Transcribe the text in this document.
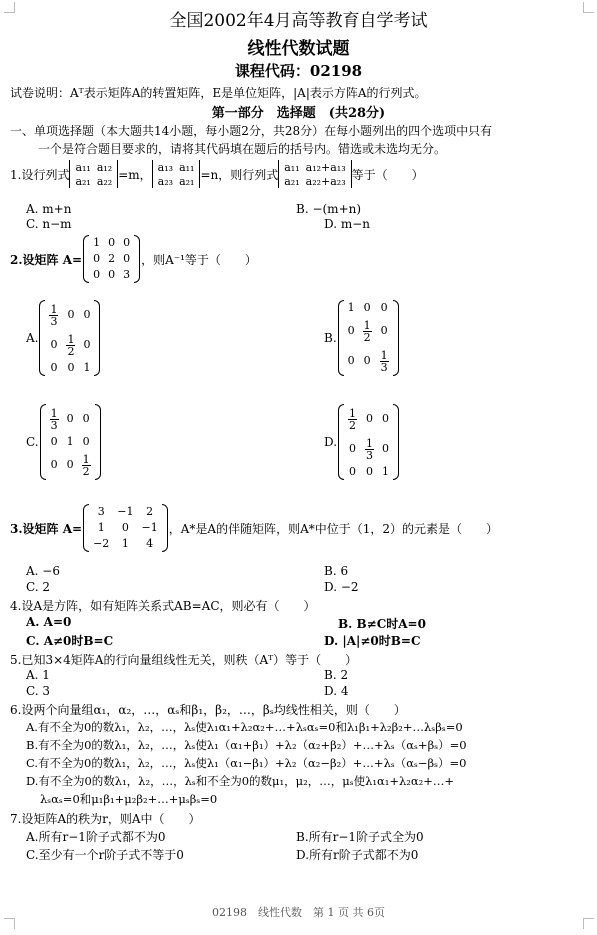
全国2002年4月高等教育自学考试
线性代数试题
课程代码：02198
试卷说明：Aᵀ表示矩阵A的转置矩阵，E是单位矩阵，|A|表示方阵A的行列式。
第一部分　选择题　(共28分)
一、单项选择题（本大题共14小题，每小题2分，共28分）在每小题列出的四个选项中只有
一个是符合题目要求的，请将其代码填在题后的括号内。错选或未选均无分。
1.设行列式
a₁₁	a₁₂
a₂₁	a₂₂ =m，
a₁₃	a₁₁
a₂₃	a₂₁ =n，则行列式
a₁₁	a₁₂+a₁₃
a₂₁	a₂₂+a₂₃ 等于（　　）
A. m+n	B. −(m+n)
C. n−m	D. m−n
2.设矩阵 A=
1	0	0
0	2	0
0	0	3
，则A⁻¹等于（　　）
A.
$\frac{1}{3}$	0	0
0	$\frac{1}{2}$	0
0	0	1
B.
1	0	0
0	$\frac{1}{2}$	0
0	0	$\frac{1}{3}$
C.
$\frac{1}{3}$	0	0
0	1	0
0	0	$\frac{1}{2}$
D.
$\frac{1}{2}$	0	0
0	$\frac{1}{3}$	0
0	0	1
3.设矩阵 A=
3	−1	2
1	0	−1
−2	1	4
，A*是A的伴随矩阵，则A*中位于（1，2）的元素是（　　）
A. −6	B. 6
C. 2	D. −2
4.设A是方阵，如有矩阵关系式AB=AC，则必有（　　）
A. A=0	B. B≠C时A=0
C. A≠0时B=C	D. |A|≠0时B=C
5.已知3×4矩阵A的行向量组线性无关，则秩（Aᵀ）等于（　　）
A. 1	B. 2
C. 3	D. 4
6.设两个向量组α₁，α₂，…，αₛ和β₁，β₂，…，βₛ均线性相关，则（　　）
A.有不全为0的数λ₁，λ₂，…，λₛ使λ₁α₁+λ₂α₂+…+λₛαₛ=0和λ₁β₁+λ₂β₂+…λₛβₛ=0
B.有不全为0的数λ₁，λ₂，…，λₛ使λ₁（α₁+β₁）+λ₂（α₂+β₂）+…+λₛ（αₛ+βₛ）=0
C.有不全为0的数λ₁，λ₂，…，λₛ使λ₁（α₁−β₁）+λ₂（α₂−β₂）+…+λₛ（αₛ−βₛ）=0
D.有不全为0的数λ₁，λ₂，…，λₛ和不全为0的数μ₁，μ₂，…，μₛ使λ₁α₁+λ₂α₂+…+
λₛαₛ=0和μ₁β₁+μ₂β₂+…+μₛβₛ=0
7.设矩阵A的秩为r，则A中（　　）
A.所有r−1阶子式都不为0	B.所有r−1阶子式全为0
C.至少有一个r阶子式不等于0	D.所有r阶子式都不为0
02198　线性代数　第 1 页 共 6页
